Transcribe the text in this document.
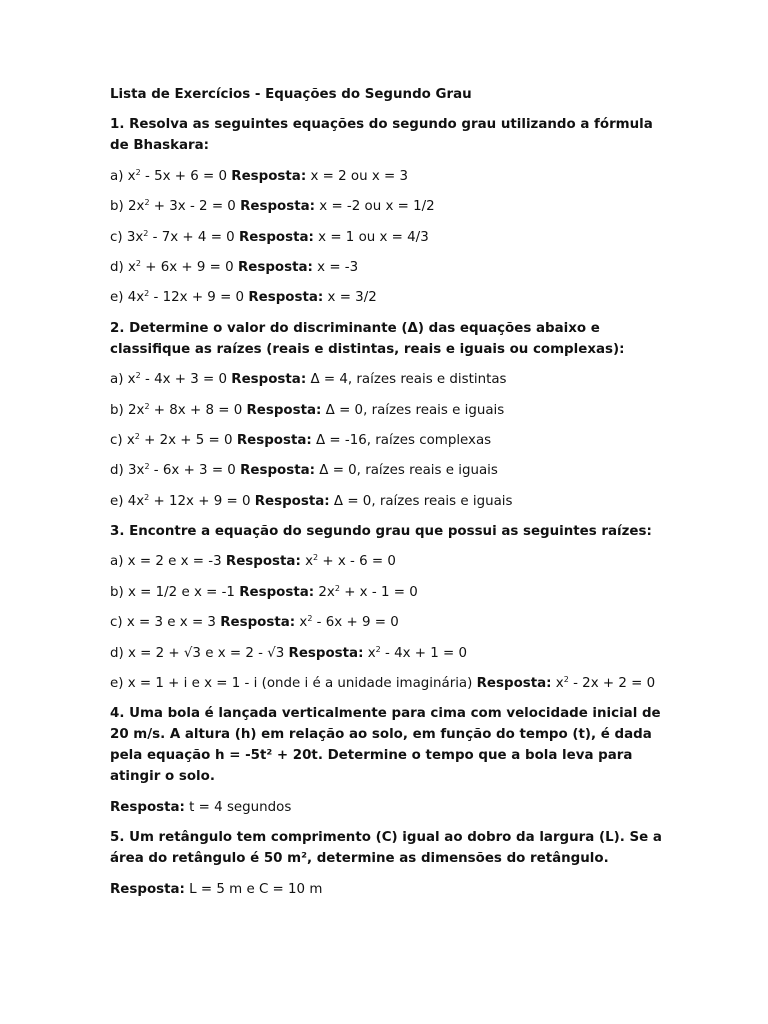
Lista de Exercícios - Equações do Segundo Grau

1. Resolva as seguintes equações do segundo grau utilizando a fórmula de Bhaskara:

a) $x^2 - 5x + 6 = 0$ Resposta: x = 2 ou x = 3

b) $2x^2 + 3x - 2 = 0$ Resposta: x = -2 ou x = 1/2

c) $3x^2 - 7x + 4 = 0$ Resposta: x = 1 ou x = 4/3

d) $x^2 + 6x + 9 = 0$ Resposta: x = -3

e) $4x^2 - 12x + 9 = 0$ Resposta: x = 3/2

2. Determine o valor do discriminante (Δ) das equações abaixo e classifique as raízes (reais e distintas, reais e iguais ou complexas):

a) $x^2 - 4x + 3 = 0$ Resposta: Δ = 4, raízes reais e distintas

b) $2x^2 + 8x + 8 = 0$ Resposta: Δ = 0, raízes reais e iguais

c) $x^2 + 2x + 5 = 0$ Resposta: Δ = -16, raízes complexas

d) $3x^2 - 6x + 3 = 0$ Resposta: Δ = 0, raízes reais e iguais

e) $4x^2 + 12x + 9 = 0$ Resposta: Δ = 0, raízes reais e iguais

3. Encontre a equação do segundo grau que possui as seguintes raízes:

a) x = 2 e x = -3 Resposta: $x^2 + x - 6 = 0$

b) x = 1/2 e x = -1 Resposta: $2x^2 + x - 1 = 0$

c) x = 3 e x = 3 Resposta: $x^2 - 6x + 9 = 0$

d) x = 2 + √3 e x = 2 - √3 Resposta: $x^2 - 4x + 1 = 0$

e) x = 1 + i e x = 1 - i (onde i é a unidade imaginária) Resposta: $x^2 - 2x + 2 = 0$

4. Uma bola é lançada verticalmente para cima com velocidade inicial de 20 m/s. A altura (h) em relação ao solo, em função do tempo (t), é dada pela equação h = -5t² + 20t. Determine o tempo que a bola leva para atingir o solo.

Resposta: t = 4 segundos

5. Um retângulo tem comprimento (C) igual ao dobro da largura (L). Se a área do retângulo é 50 m², determine as dimensões do retângulo.

Resposta: L = 5 m e C = 10 m
